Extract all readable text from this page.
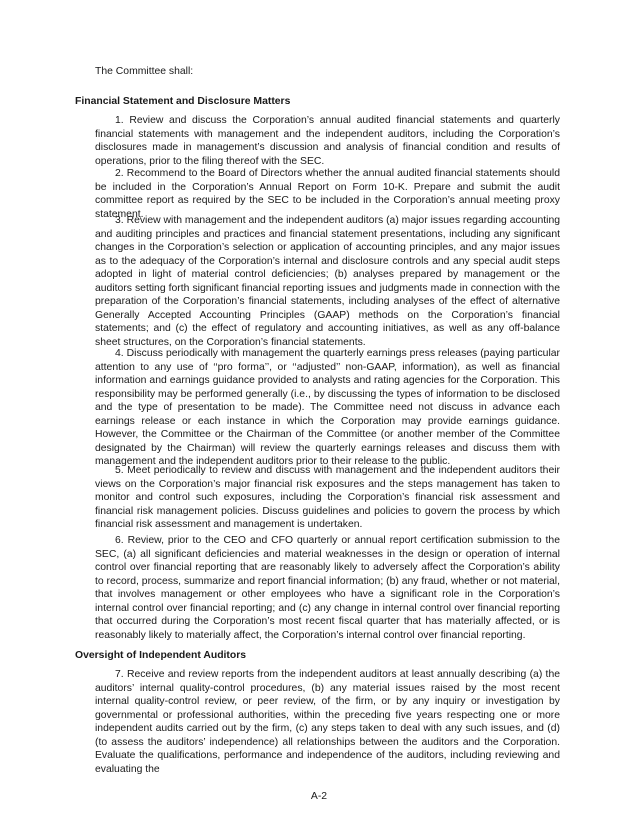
The Committee shall:

Financial Statement and Disclosure Matters

1. Review and discuss the Corporation’s annual audited financial statements and quarterly financial statements with management and the independent auditors, including the Corporation’s disclosures made in management’s discussion and analysis of financial condition and results of operations, prior to the filing thereof with the SEC.

2. Recommend to the Board of Directors whether the annual audited financial statements should be included in the Corporation’s Annual Report on Form 10-K. Prepare and submit the audit committee report as required by the SEC to be included in the Corporation’s annual meeting proxy statement.

3. Review with management and the independent auditors (a) major issues regarding accounting and auditing principles and practices and financial statement presentations, including any significant changes in the Corporation’s selection or application of accounting principles, and any major issues as to the adequacy of the Corporation’s internal and disclosure controls and any special audit steps adopted in light of material control deficiencies; (b) analyses prepared by management or the auditors setting forth significant financial reporting issues and judgments made in connection with the preparation of the Corporation’s financial statements, including analyses of the effect of alternative Generally Accepted Accounting Principles (GAAP) methods on the Corporation’s financial statements; and (c) the effect of regulatory and accounting initiatives, as well as any off-balance sheet structures, on the Corporation’s financial statements.

4. Discuss periodically with management the quarterly earnings press releases (paying particular attention to any use of ‘‘pro forma’’, or ‘‘adjusted’’ non-GAAP, information), as well as financial information and earnings guidance provided to analysts and rating agencies for the Corporation. This responsibility may be performed generally (i.e., by discussing the types of information to be disclosed and the type of presentation to be made). The Committee need not discuss in advance each earnings release or each instance in which the Corporation may provide earnings guidance. However, the Committee or the Chairman of the Committee (or another member of the Committee designated by the Chairman) will review the quarterly earnings releases and discuss them with management and the independent auditors prior to their release to the public.

5. Meet periodically to review and discuss with management and the independent auditors their views on the Corporation’s major financial risk exposures and the steps management has taken to monitor and control such exposures, including the Corporation’s financial risk assessment and financial risk management policies. Discuss guidelines and policies to govern the process by which financial risk assessment and management is undertaken.

6. Review, prior to the CEO and CFO quarterly or annual report certification submission to the SEC, (a) all significant deficiencies and material weaknesses in the design or operation of internal control over financial reporting that are reasonably likely to adversely affect the Corporation’s ability to record, process, summarize and report financial information; (b) any fraud, whether or not material, that involves management or other employees who have a significant role in the Corporation’s internal control over financial reporting; and (c) any change in internal control over financial reporting that occurred during the Corporation’s most recent fiscal quarter that has materially affected, or is reasonably likely to materially affect, the Corporation’s internal control over financial reporting.

Oversight of Independent Auditors

7. Receive and review reports from the independent auditors at least annually describing (a) the auditors’ internal quality-control procedures, (b) any material issues raised by the most recent internal quality-control review, or peer review, of the firm, or by any inquiry or investigation by governmental or professional authorities, within the preceding five years respecting one or more independent audits carried out by the firm, (c) any steps taken to deal with any such issues, and (d) (to assess the auditors’ independence) all relationships between the auditors and the Corporation. Evaluate the qualifications, performance and independence of the auditors, including reviewing and evaluating the

A-2
